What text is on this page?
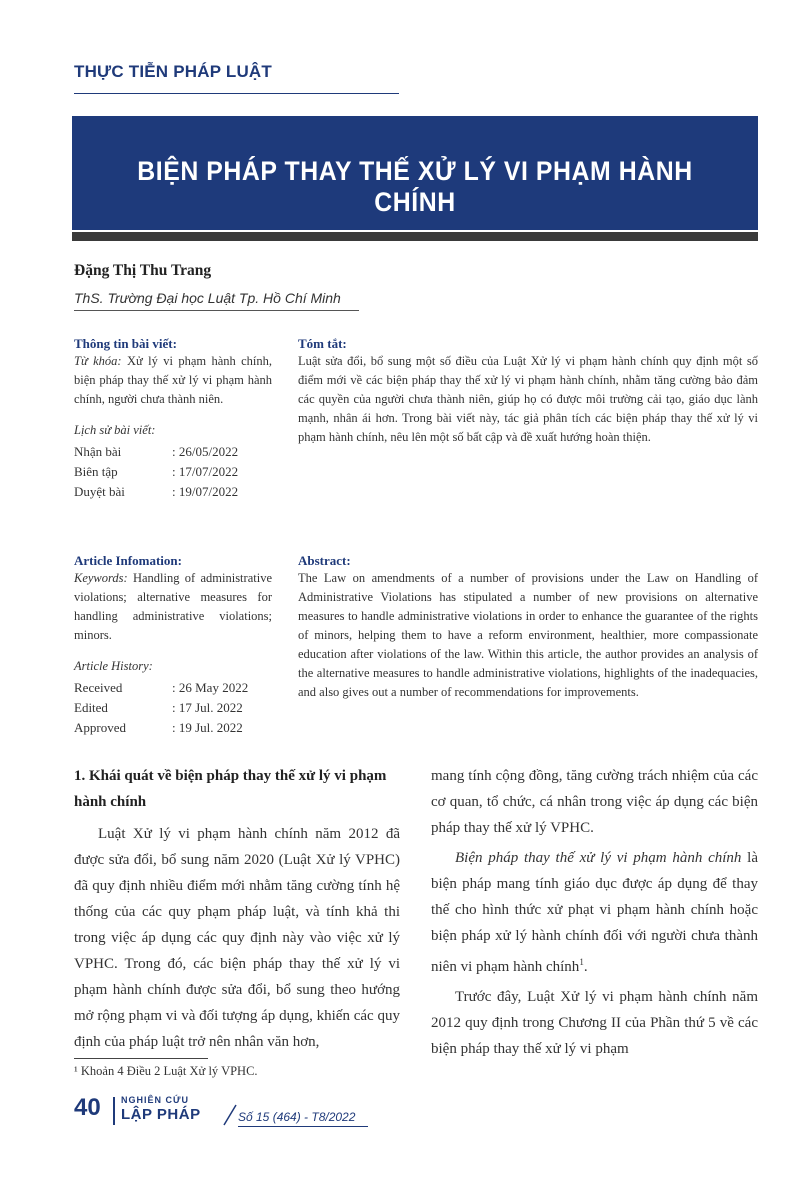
THỰC TIỄN PHÁP LUẬT
BIỆN PHÁP THAY THẾ XỬ LÝ VI PHẠM HÀNH CHÍNH
Đặng Thị Thu Trang
ThS. Trường Đại học Luật Tp. Hồ Chí Minh
Thông tin bài viết:
Từ khóa: Xử lý vi phạm hành chính, biện pháp thay thế xử lý vi phạm hành chính, người chưa thành niên.
Lịch sử bài viết:
Nhận bài	: 26/05/2022
Biên tập	: 17/07/2022
Duyệt bài	: 19/07/2022
Tóm tắt:
Luật sửa đổi, bổ sung một số điều của Luật Xử lý vi phạm hành chính quy định một số điểm mới về các biện pháp thay thế xử lý vi phạm hành chính, nhằm tăng cường bảo đảm các quyền của người chưa thành niên, giúp họ có được môi trường cải tạo, giáo dục lành mạnh, nhân ái hơn. Trong bài viết này, tác giả phân tích các biện pháp thay thế xử lý vi phạm hành chính, nêu lên một số bất cập và đề xuất hướng hoàn thiện.
Article Infomation:
Keywords: Handling of administrative violations; alternative measures for handling administrative violations; minors.
Article History:
Received	: 26 May 2022
Edited	: 17 Jul. 2022
Approved	: 19 Jul. 2022
Abstract:
The Law on amendments of a number of provisions under the Law on Handling of Administrative Violations has stipulated a number of new provisions on alternative measures to handle administrative violations in order to enhance the guarantee of the rights of minors, helping them to have a reform environment, healthier, more compassionate education after violations of the law. Within this article, the author provides an analysis of the alternative measures to handle administrative violations, highlights of the inadequacies, and also gives out a number of recommendations for improvements.
1. Khái quát về biện pháp thay thế xử lý vi phạm hành chính
Luật Xử lý vi phạm hành chính năm 2012 đã được sửa đổi, bổ sung năm 2020 (Luật Xử lý VPHC) đã quy định nhiều điểm mới nhằm tăng cường tính hệ thống của các quy phạm pháp luật, và tính khả thi trong việc áp dụng các quy định này vào việc xử lý VPHC. Trong đó, các biện pháp thay thế xử lý vi phạm hành chính được sửa đổi, bổ sung theo hướng mở rộng phạm vi và đối tượng áp dụng, khiến các quy định của pháp luật trở nên nhân văn hơn,
mang tính cộng đồng, tăng cường trách nhiệm của các cơ quan, tổ chức, cá nhân trong việc áp dụng các biện pháp thay thế xử lý VPHC.
Biện pháp thay thế xử lý vi phạm hành chính là biện pháp mang tính giáo dục được áp dụng để thay thế cho hình thức xử phạt vi phạm hành chính hoặc biện pháp xử lý hành chính đối với người chưa thành niên vi phạm hành chính$^1$.
Trước đây, Luật Xử lý vi phạm hành chính năm 2012 quy định trong Chương II của Phần thứ 5 về các biện pháp thay thế xử lý vi phạm
¹ Khoản 4 Điều 2 Luật Xử lý VPHC.
40 NGHIÊN CỨU
LẬP PHÁP	Số 15 (464) - T8/2022
